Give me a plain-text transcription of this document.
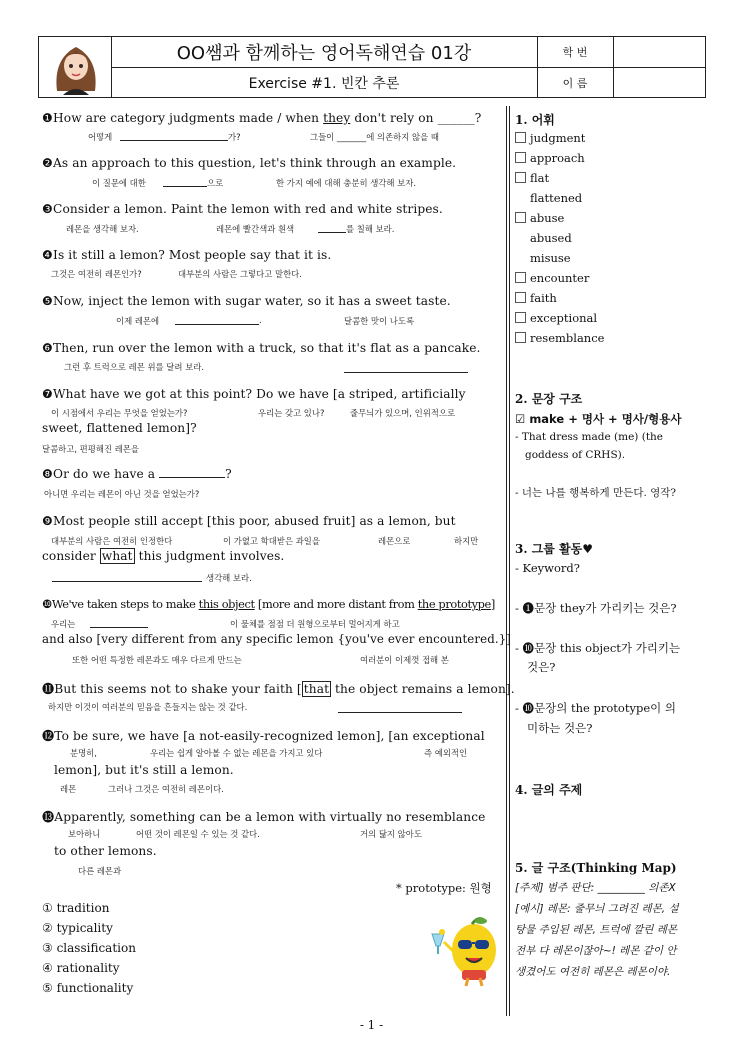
OO쌤과 함께하는 영어독해연습 01강
Exercise #1. 빈칸 추론
학 번
이 름
❶How are category judgments made / when they don't rely on ______?
어떻게	가?	그들이 _______에 의존하지 않을 때
❷As an approach to this question, let's think through an example.
이 질문에 대한	으로	한 가지 예에 대해 충분히 생각해 보자.
❸Consider a lemon. Paint the lemon with red and white stripes.
레몬을 생각해 보자.	레몬에 빨간색과 흰색	를 칠해 보라.
❹Is it still a lemon? Most people say that it is.
그것은 여전히 레몬인가?	대부분의 사람은 그렇다고 말한다.
❺Now, inject the lemon with sugar water, so it has a sweet taste.
이제 레몬에	.	달콤한 맛이 나도록
❻Then, run over the lemon with a truck, so that it's flat as a pancake.
그런 후 트럭으로 레몬 위를 달려 보라.
❼What have we got at this point? Do we have [a striped, artificially
이 시점에서 우리는 무엇을 얻었는가?	우리는 갖고 있나?	줄무늬가 있으며, 인위적으로
sweet, flattened lemon]?
달콤하고, 편평해진 레몬을
❽Or do we have a	?
아니면 우리는 레몬이 아닌 것을 얻었는가?
❾Most people still accept [this poor, abused fruit] as a lemon, but
대부분의 사람은 여전히 인정한다	이 가엾고 학대받은 과일을	레몬으로	하지만
consider what this judgment involves.
생각해 보라.
❿We've taken steps to make this object [more and more distant from the prototype]
우리는	이 물체를 점점 더 원형으로부터 멀어지게 하고
and also [very different from any specific lemon {you've ever encountered.}]
또한 어떤 특정한 레몬과도 매우 다르게 만드는	여러분이 이제껏 접해 본
⓫But this seems not to shake your faith [ that the object remains a lemon].
하지만 이것이 여러분의 믿음을 흔들지는 않는 것 같다.
⓬To be sure, we have [a not-easily-recognized lemon], [an exceptional
분명히,	우리는 쉽게 알아볼 수 없는 레몬을 가지고 있다	즉 예외적인
lemon], but it's still a lemon.
레몬	그러나 그것은 여전히 레몬이다.
⓭Apparently, something can be a lemon with virtually no resemblance
보아하니	어떤 것이 레몬일 수 있는 것 같다.	거의 닮지 않아도
to other lemons.
다른 레몬과
* prototype: 원형
① tradition
② typicality
③ classification
④ rationality
⑤ functionality
1. 어휘
judgment
approach
flat
flattened
abuse
abused
misuse
encounter
faith
exceptional
resemblance
2. 문장 구조
☑ make + 명사 + 명사/형용사
- That dress made (me) (the
goddess of CRHS).
- 너는 나를 행복하게 만든다. 영작?
3. 그룹 활동♥
- Keyword?
- ❶문장 they가 가리키는 것은?
- ❿문장 this object가 가리키는
것은?
- ❿문장의 the prototype이 의
미하는 것은?
4. 글의 주제
5. 글 구조(Thinking Map)
[주제] 범주 판단: _________ 의존X
[예시] 레몬: 줄무늬 그려진 레몬, 설
탕물 주입된 레몬, 트럭에 깔린 레몬
전부 다 레몬이잖아~! 레몬 같이 안
생겼어도 여전히 레몬은 레몬이야.
- 1 -
